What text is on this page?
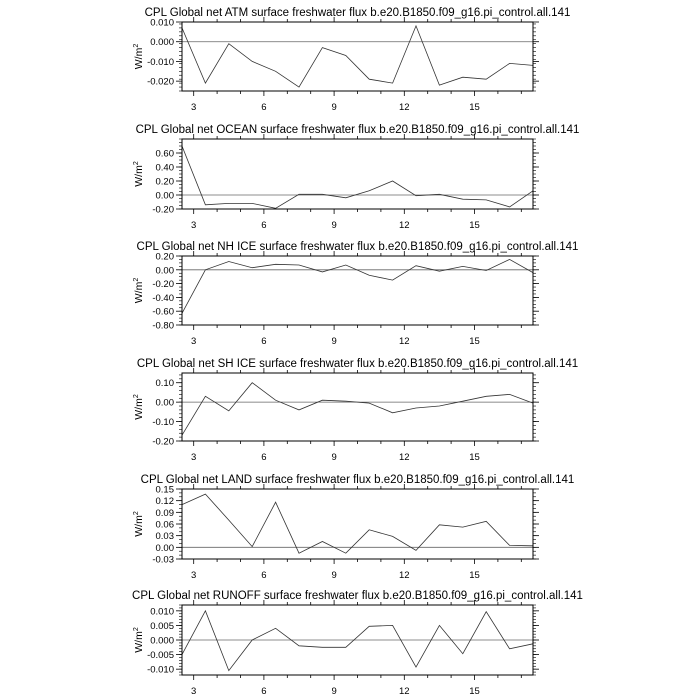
CPL Global net ATM surface freshwater flux b.e20.B1850.f09_g16.pi_control.all.141
$W/m^2$
0.010
0.000
-0.010
-0.020
3	6	9	12	15
CPL Global net OCEAN surface freshwater flux b.e20.B1850.f09_g16.pi_control.all.141
$W/m^2$
0.60
0.40
0.20
0.00
-0.20
3	6	9	12	15
CPL Global net NH ICE surface freshwater flux b.e20.B1850.f09_g16.pi_control.all.141
$W/m^2$
0.20
0.00
-0.20
-0.40
-0.60
-0.80
3	6	9	12	15
CPL Global net SH ICE surface freshwater flux b.e20.B1850.f09_g16.pi_control.all.141
$W/m^2$
0.10
0.00
-0.10
-0.20
3	6	9	12	15
CPL Global net LAND surface freshwater flux b.e20.B1850.f09_g16.pi_control.all.141
$W/m^2$
0.15
0.12
0.09
0.06
0.03
0.00
-0.03
3	6	9	12	15
CPL Global net RUNOFF surface freshwater flux b.e20.B1850.f09_g16.pi_control.all.141
$W/m^2$
0.010
0.005
0.000
-0.005
-0.010
3	6	9	12	15
